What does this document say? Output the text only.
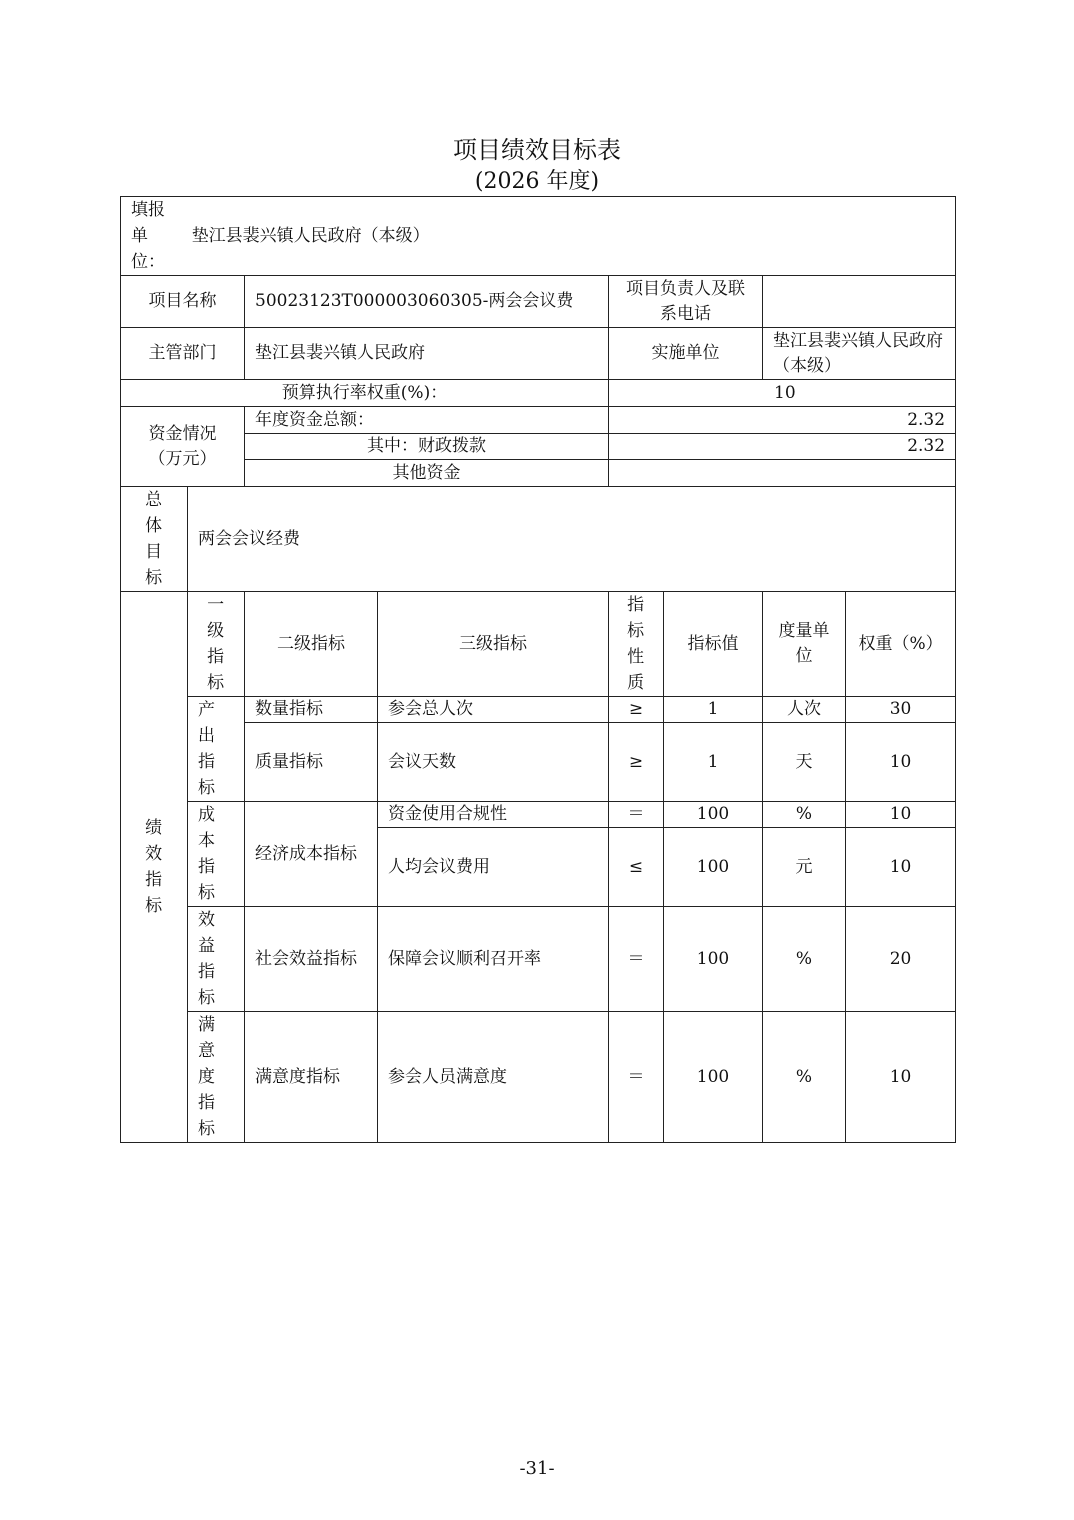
项目绩效目标表
(2026 年度)
填报单位：
垫江县裴兴镇人民政府（本级）							

项目名称		50023123T000003060305-两会会议费		项目负责人及联系电话			
主管部门		垫江县裴兴镇人民政府		实施单位		垫江县裴兴镇人民政府（本级）	
预算执行率权重(%)：				10			
资金情况（万元）		年度资金总额：		2.32			
		其中：财政拨款		2.32			
		其他资金					

总体目标	两会会议经费						

绩效指标	一级指标	二级指标	三级指标	指标性质	指标值	度量单位	权重（%）

	产出指标	数量指标	参会总人次	≥	1	人次	30
		质量指标	会议天数	≥	1	天	10

	成本指标	经济成本指标	资金使用合规性	＝	100	%	10
			人均会议费用	≤	100	元	10

	效益指标	社会效益指标	保障会议顺利召开率	＝	100	%	20

	满意度指标	满意度指标	参会人员满意度	＝	100	%	10
-31-
